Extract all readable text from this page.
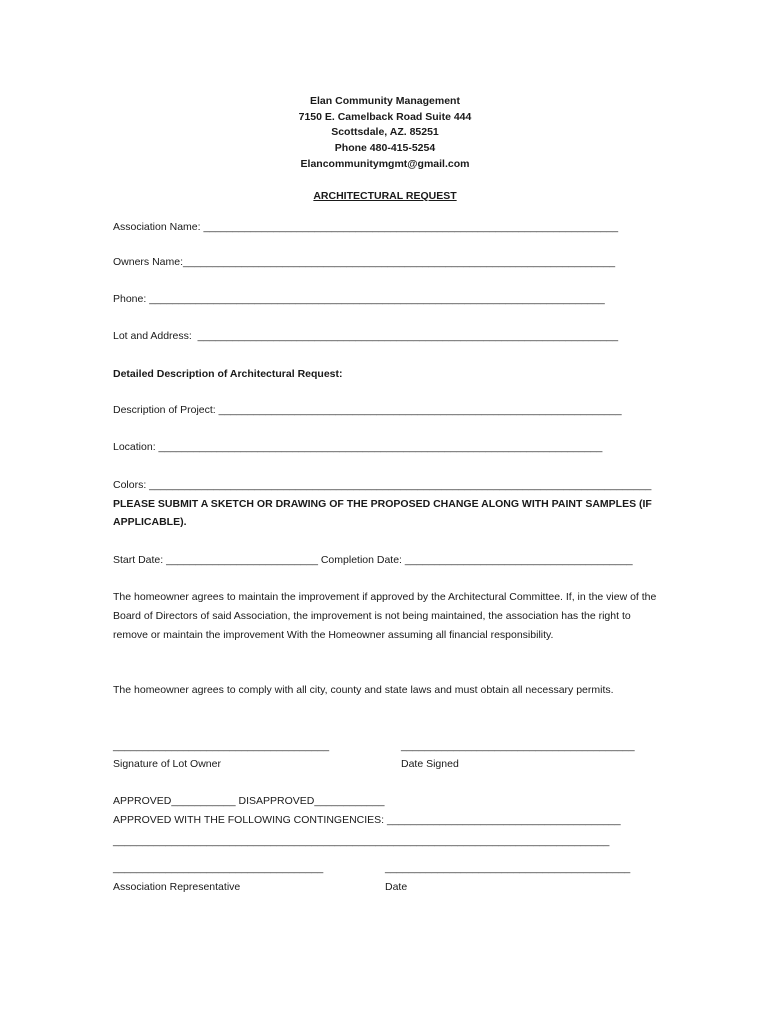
Elan Community Management
7150 E. Camelback Road Suite 444
Scottsdale, AZ. 85251
Phone 480-415-5254
Elancommunitymgmt@gmail.com
ARCHITECTURAL REQUEST
Association Name: _______________________________________________________________________
Owners Name:__________________________________________________________________________
Phone: ______________________________________________________________________________
Lot and Address:  ________________________________________________________________________
Detailed Description of Architectural Request:
Description of Project: _____________________________________________________________________
Location: ____________________________________________________________________________
Colors: ______________________________________________________________________________________
PLEASE SUBMIT A SKETCH OR DRAWING OF THE PROPOSED CHANGE ALONG WITH PAINT SAMPLES (IF
APPLICABLE).
Start Date: __________________________ Completion Date: _______________________________________
The homeowner agrees to maintain the improvement if approved by the Architectural Committee. If, in the view of the Board of Directors of said Association, the improvement is not being maintained, the association has the right to remove or maintain the improvement With the Homeowner assuming all financial responsibility.
The homeowner agrees to comply with all city, county and state laws and must obtain all necessary permits.
_____________________________________
Signature of Lot Owner
________________________________________
Date Signed
APPROVED___________ DISAPPROVED____________
APPROVED WITH THE FOLLOWING CONTINGENCIES: ________________________________________
_____________________________________________________________________________________
____________________________________
Association Representative
__________________________________________
Date
